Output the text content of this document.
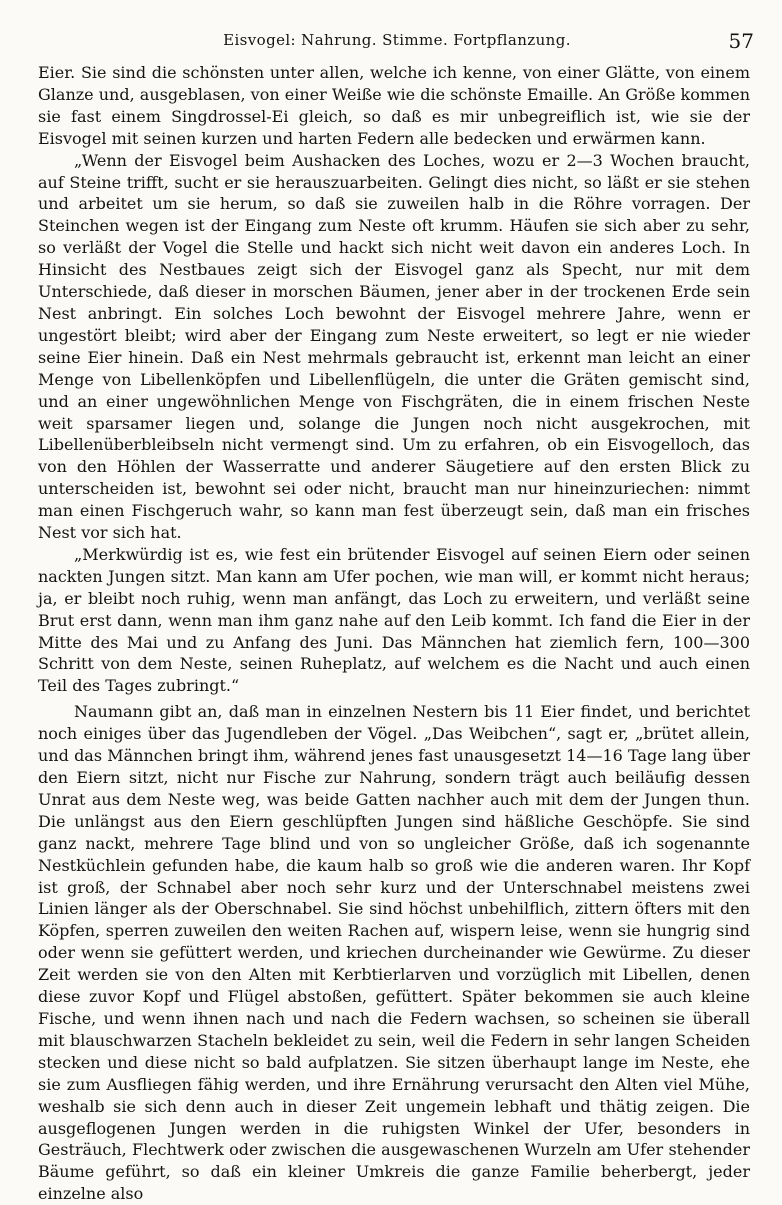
Eisvogel: Nahrung. Stimme. Fortpflanzung.	57

Eier. Sie sind die schönsten unter allen, welche ich kenne, von einer Glätte, von einem Glanze und, ausgeblasen, von einer Weiße wie die schönste Emaille. An Größe kommen sie fast einem Singdrossel-Ei gleich, so daß es mir unbegreiflich ist, wie sie der Eisvogel mit seinen kurzen und harten Federn alle bedecken und erwärmen kann.

„Wenn der Eisvogel beim Aushacken des Loches, wozu er 2—3 Wochen braucht, auf Steine trifft, sucht er sie herauszuarbeiten. Gelingt dies nicht, so läßt er sie stehen und arbeitet um sie herum, so daß sie zuweilen halb in die Röhre vorragen. Der Steinchen wegen ist der Eingang zum Neste oft krumm. Häufen sie sich aber zu sehr, so verläßt der Vogel die Stelle und hackt sich nicht weit davon ein anderes Loch. In Hinsicht des Nestbaues zeigt sich der Eisvogel ganz als Specht, nur mit dem Unterschiede, daß dieser in morschen Bäumen, jener aber in der trockenen Erde sein Nest anbringt. Ein solches Loch bewohnt der Eisvogel mehrere Jahre, wenn er ungestört bleibt; wird aber der Eingang zum Neste erweitert, so legt er nie wieder seine Eier hinein. Daß ein Nest mehrmals gebraucht ist, erkennt man leicht an einer Menge von Libellenköpfen und Libellenflügeln, die unter die Gräten gemischt sind, und an einer ungewöhnlichen Menge von Fischgräten, die in einem frischen Neste weit sparsamer liegen und, solange die Jungen noch nicht ausgekrochen, mit Libellenüberbleibseln nicht vermengt sind. Um zu erfahren, ob ein Eisvogelloch, das von den Höhlen der Wasserratte und anderer Säugetiere auf den ersten Blick zu unterscheiden ist, bewohnt sei oder nicht, braucht man nur hineinzuriechen: nimmt man einen Fischgeruch wahr, so kann man fest überzeugt sein, daß man ein frisches Nest vor sich hat.

„Merkwürdig ist es, wie fest ein brütender Eisvogel auf seinen Eiern oder seinen nackten Jungen sitzt. Man kann am Ufer pochen, wie man will, er kommt nicht heraus; ja, er bleibt noch ruhig, wenn man anfängt, das Loch zu erweitern, und verläßt seine Brut erst dann, wenn man ihm ganz nahe auf den Leib kommt. Ich fand die Eier in der Mitte des Mai und zu Anfang des Juni. Das Männchen hat ziemlich fern, 100—300 Schritt von dem Neste, seinen Ruheplatz, auf welchem es die Nacht und auch einen Teil des Tages zubringt.“

Naumann gibt an, daß man in einzelnen Nestern bis 11 Eier findet, und berichtet noch einiges über das Jugendleben der Vögel. „Das Weibchen“, sagt er, „brütet allein, und das Männchen bringt ihm, während jenes fast unausgesetzt 14—16 Tage lang über den Eiern sitzt, nicht nur Fische zur Nahrung, sondern trägt auch beiläufig dessen Unrat aus dem Neste weg, was beide Gatten nachher auch mit dem der Jungen thun. Die unlängst aus den Eiern geschlüpften Jungen sind häßliche Geschöpfe. Sie sind ganz nackt, mehrere Tage blind und von so ungleicher Größe, daß ich sogenannte Nestküchlein gefunden habe, die kaum halb so groß wie die anderen waren. Ihr Kopf ist groß, der Schnabel aber noch sehr kurz und der Unterschnabel meistens zwei Linien länger als der Oberschnabel. Sie sind höchst unbehilflich, zittern öfters mit den Köpfen, sperren zuweilen den weiten Rachen auf, wispern leise, wenn sie hungrig sind oder wenn sie gefüttert werden, und kriechen durcheinander wie Gewürme. Zu dieser Zeit werden sie von den Alten mit Kerbtierlarven und vorzüglich mit Libellen, denen diese zuvor Kopf und Flügel abstoßen, gefüttert. Später bekommen sie auch kleine Fische, und wenn ihnen nach und nach die Federn wachsen, so scheinen sie überall mit blauschwarzen Stacheln bekleidet zu sein, weil die Federn in sehr langen Scheiden stecken und diese nicht so bald aufplatzen. Sie sitzen überhaupt lange im Neste, ehe sie zum Ausfliegen fähig werden, und ihre Ernährung verursacht den Alten viel Mühe, weshalb sie sich denn auch in dieser Zeit ungemein lebhaft und thätig zeigen. Die ausgeflogenen Jungen werden in die ruhigsten Winkel der Ufer, besonders in Gesträuch, Flechtwerk oder zwischen die ausgewaschenen Wurzeln am Ufer stehender Bäume geführt, so daß ein kleiner Umkreis die ganze Familie beherbergt, jeder einzelne also
